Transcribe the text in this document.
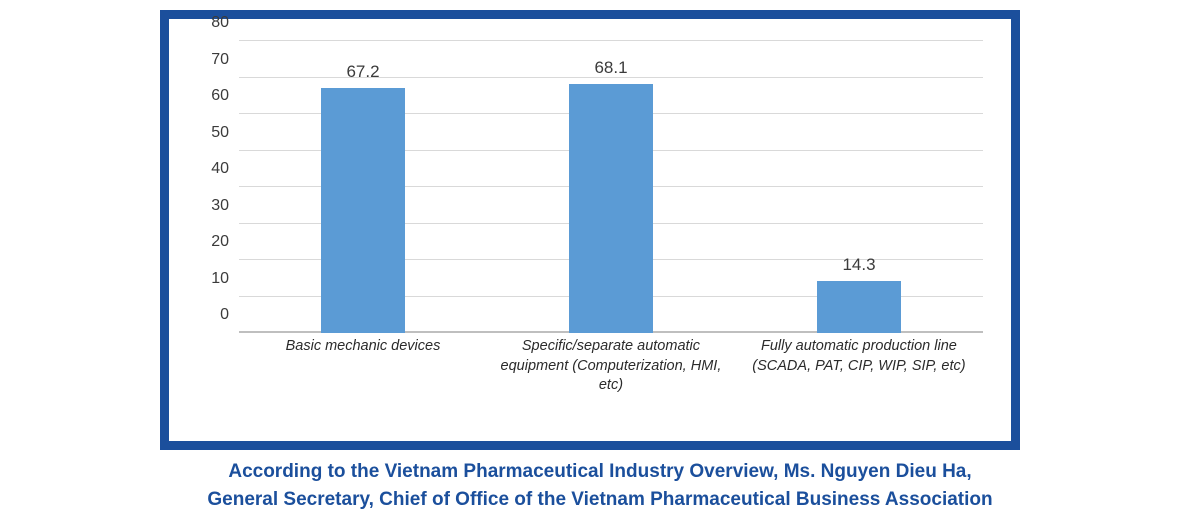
80
70
60
50
40
30
20
10
0
67.2	68.1
14.3
Basic mechanic devices	Specific/separate automatic equipment (Computerization, HMI, etc)
Fully automatic production line (SCADA, PAT, CIP, WIP, SIP, etc)
According to the Vietnam Pharmaceutical Industry Overview, Ms. Nguyen Dieu Ha,
General Secretary, Chief of Office of the Vietnam Pharmaceutical Business Association
